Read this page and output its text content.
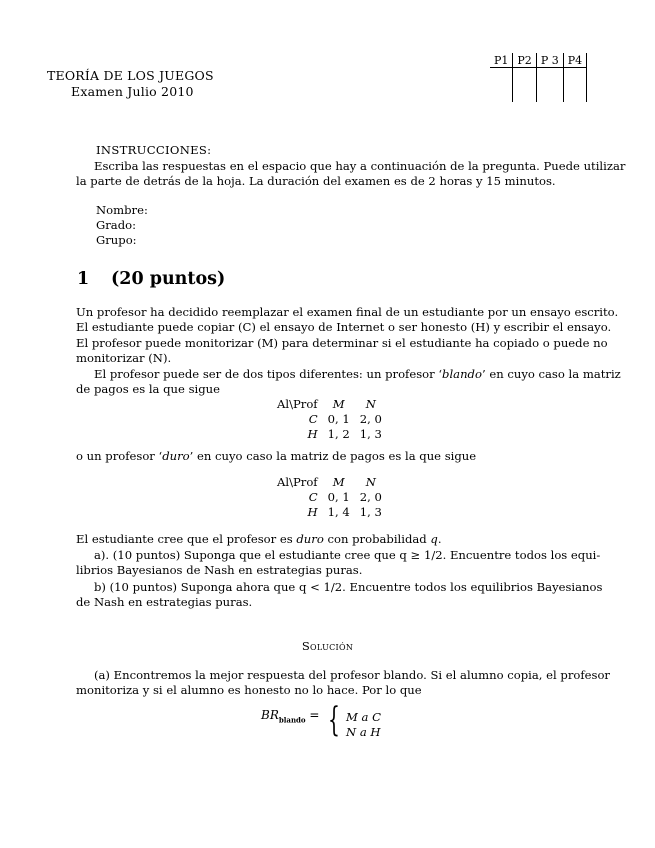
TEORÍA DE LOS JUEGOS
Examen Julio 2010
P1	P2	P 3	P4

INSTRUCCIONES:
Escriba las respuestas en el espacio que hay a continuación de la pregunta. Puede utilizar
la parte de detrás de la hoja. La duración del examen es de 2 horas y 15 minutos.
Nombre:
Grado:
Grupo:
1 (20 puntos)
Un profesor ha decidido reemplazar el examen final de un estudiante por un ensayo escrito.
El estudiante puede copiar (C) el ensayo de Internet o ser honesto (H) y escribir el ensayo.
El profesor puede monitorizar (M) para determinar si el estudiante ha copiado o puede no
monitorizar (N).
El profesor puede ser de dos tipos diferentes: un profesor ‘blando’ en cuyo caso la matriz
de pagos es la que sigue
Al\Prof	M	N
C	0, 1	2, 0
H	1, 2	1, 3
o un profesor ‘duro’ en cuyo caso la matriz de pagos es la que sigue
Al\Prof	M	N
C	0, 1	2, 0
H	1, 4	1, 3
El estudiante cree que el profesor es duro con probabilidad q.
a). (10 puntos) Suponga que el estudiante cree que q ≥ 1/2. Encuentre todos los equi-
librios Bayesianos de Nash en estrategias puras.
b) (10 puntos) Suponga ahora que q < 1/2. Encuentre todos los equilibrios Bayesianos
de Nash en estrategias puras.
Solución
(a) Encontremos la mejor respuesta del profesor blando. Si el alumno copia, el profesor
monitoriza y si el alumno es honesto no lo hace. Por lo que
$BR_{blando}$ = { M a C
N a H
